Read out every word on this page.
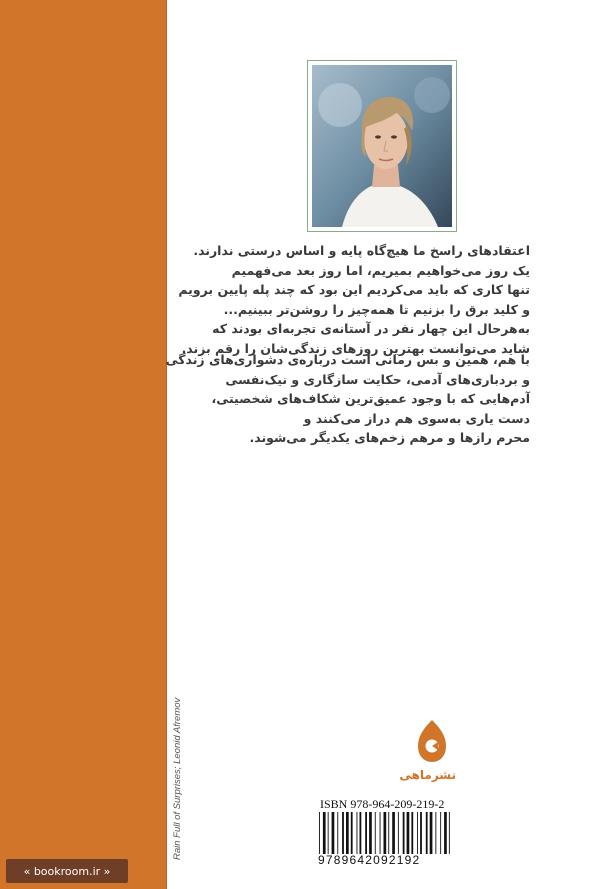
اعتقادهای راسخ ما هیچ‌گاه پایه و اساس درستی ندارند.
یک روز می‌خواهیم بمیریم، اما روز بعد می‌فهمیم
تنها کاری که باید می‌کردیم این بود که چند پله پایین برویم
و کلید برق را بزنیم تا همه‌چیز را روشن‌تر ببینیم...
به‌هرحال این چهار نفر در آستانه‌ی تجربه‌ای بودند که
شاید می‌توانست بهترین روزهای زندگی‌شان را رقم بزند.
با هم، همین و بس رمانی است درباره‌ی دشواری‌های زندگی
و بردباری‌های آدمی، حکایت سازگاری و نیک‌نفسی
آدم‌هایی که با وجود عمیق‌ترین شکاف‌های شخصیتی،
دست یاری به‌سوی هم دراز می‌کنند و
محرم رازها و مرهم زخم‌های یکدیگر می‌شوند.
Rain Full of Surprises; Leonid Afremov	نشرماهی
ISBN 978-964-209-219-2
9789642092192
« bookroom.ir »
